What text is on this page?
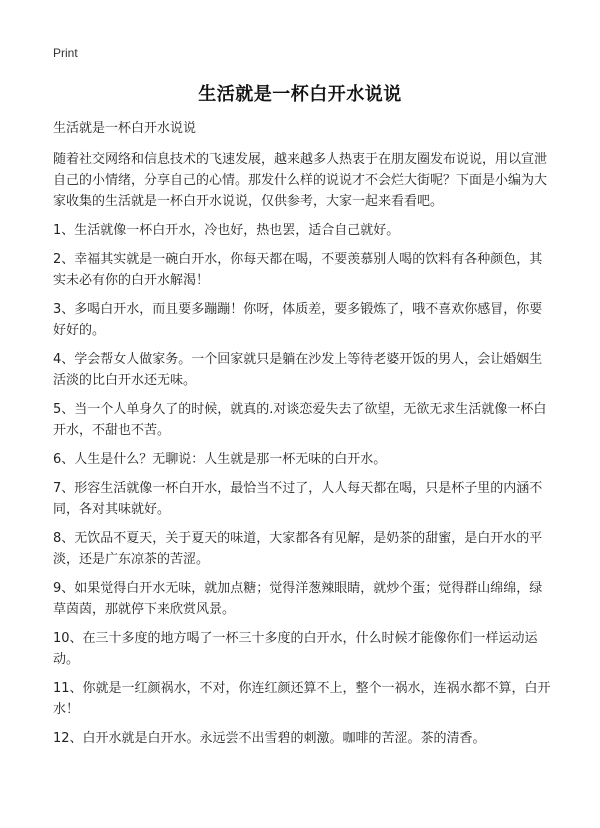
Print
生活就是一杯白开水说说

生活就是一杯白开水说说

随着社交网络和信息技术的飞速发展，越来越多人热衷于在朋友圈发布说说，用以宣泄自己的小情绪，分享自己的心情。那发什么样的说说才不会烂大街呢？下面是小编为大家收集的生活就是一杯白开水说说，仅供参考，大家一起来看看吧。

1、生活就像一杯白开水，冷也好，热也罢，适合自己就好。

2、幸福其实就是一碗白开水，你每天都在喝，不要羡慕别人喝的饮料有各种颜色，其实未必有你的白开水解渴！

3、多喝白开水，而且要多蹦蹦！你呀，体质差，要多锻炼了，哦不喜欢你感冒，你要好好的。

4、学会帮女人做家务。一个回家就只是躺在沙发上等待老婆开饭的男人，会让婚姻生活淡的比白开水还无味。

5、当一个人单身久了的时候，就真的.对谈恋爱失去了欲望，无欲无求生活就像一杯白开水，不甜也不苦。

6、人生是什么？无聊说：人生就是那一杯无味的白开水。

7、形容生活就像一杯白开水，最恰当不过了，人人每天都在喝，只是杯子里的内涵不同，各对其味就好。

8、无饮品不夏天，关于夏天的味道，大家都各有见解，是奶茶的甜蜜，是白开水的平淡，还是广东凉茶的苦涩。

9、如果觉得白开水无味，就加点糖；觉得洋葱辣眼睛，就炒个蛋；觉得群山绵绵，绿草茵茵，那就停下来欣赏风景。

10、在三十多度的地方喝了一杯三十多度的白开水，什么时候才能像你们一样运动运动。

11、你就是一红颜祸水，不对，你连红颜还算不上，整个一祸水，连祸水都不算，白开水！

12、白开水就是白开水。永远尝不出雪碧的刺激。咖啡的苦涩。茶的清香。
